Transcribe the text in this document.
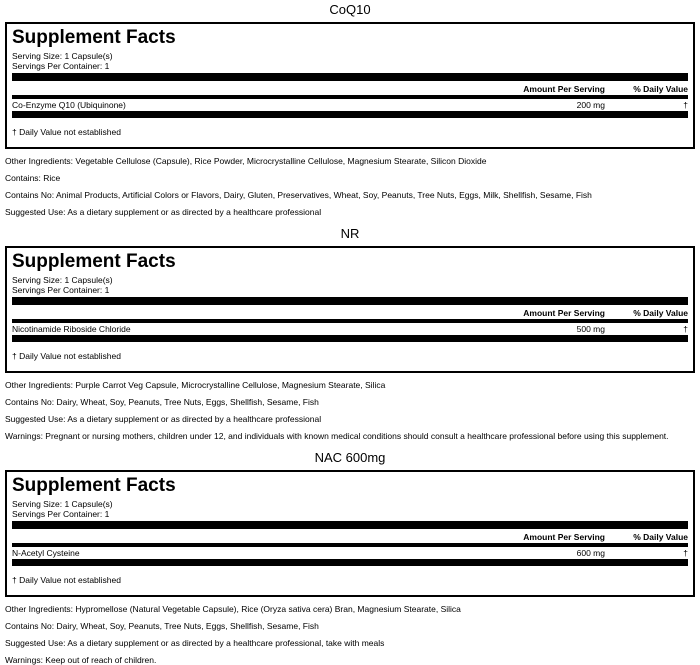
CoQ10
Supplement Facts
Serving Size: 1 Capsule(s)
Servings Per Container: 1
Amount Per Serving	% Daily Value
Co-Enzyme Q10 (Ubiquinone)	200 mg	†
† Daily Value not established
Other Ingredients: Vegetable Cellulose (Capsule), Rice Powder, Microcrystalline Cellulose, Magnesium Stearate, Silicon Dioxide
Contains: Rice
Contains No: Animal Products, Artificial Colors or Flavors, Dairy, Gluten, Preservatives, Wheat, Soy, Peanuts, Tree Nuts, Eggs, Milk, Shellfish, Sesame, Fish
Suggested Use: As a dietary supplement or as directed by a healthcare professional
NR
Supplement Facts
Serving Size: 1 Capsule(s)
Servings Per Container: 1
Amount Per Serving	% Daily Value
Nicotinamide Riboside Chloride	500 mg	†
† Daily Value not established
Other Ingredients: Purple Carrot Veg Capsule, Microcrystalline Cellulose, Magnesium Stearate, Silica
Contains No: Dairy, Wheat, Soy, Peanuts, Tree Nuts, Eggs, Shellfish, Sesame, Fish
Suggested Use: As a dietary supplement or as directed by a healthcare professional
Warnings: Pregnant or nursing mothers, children under 12, and individuals with known medical conditions should consult a healthcare professional before using this supplement.
NAC 600mg
Supplement Facts
Serving Size: 1 Capsule(s)
Servings Per Container: 1
Amount Per Serving	% Daily Value
N-Acetyl Cysteine	600 mg	†
† Daily Value not established
Other Ingredients: Hypromellose (Natural Vegetable Capsule), Rice (Oryza sativa cera) Bran, Magnesium Stearate, Silica
Contains No: Dairy, Wheat, Soy, Peanuts, Tree Nuts, Eggs, Shellfish, Sesame, Fish
Suggested Use: As a dietary supplement or as directed by a healthcare professional, take with meals
Warnings: Keep out of reach of children.
